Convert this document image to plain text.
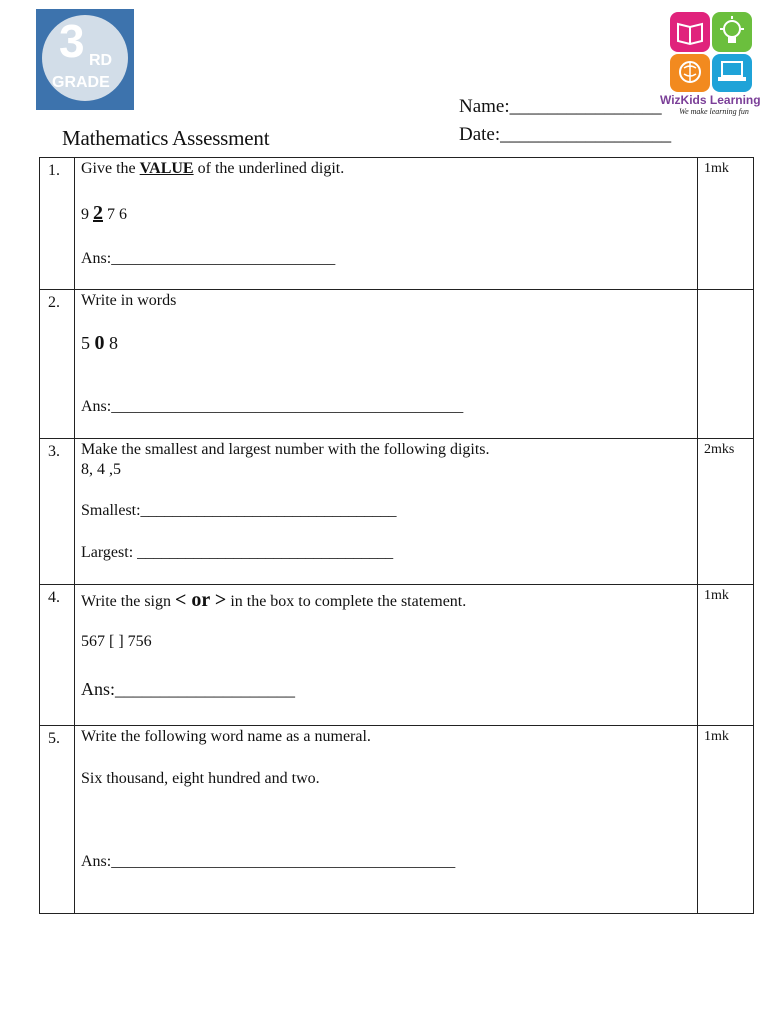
3 RD
GRADE
WizKids Learning
We make learning fun
Name:________________
Date:__________________
Mathematics Assessment
1.	Give the VALUE of the underlined digit.
9 2 7 6
Ans:____________________________	1mk

2.	Write in words
5 0 8
Ans:____________________________________________	

3.	Make the smallest and largest number with the following digits.
8, 4 ,5
Smallest:________________________________
Largest: ________________________________	2mks

4.	Write the sign < or > in the box to complete the statement.
567 [ ] 756
Ans:____________________	1mk

5.	Write the following word name as a numeral.
Six thousand, eight hundred and two.
Ans:___________________________________________	1mk
